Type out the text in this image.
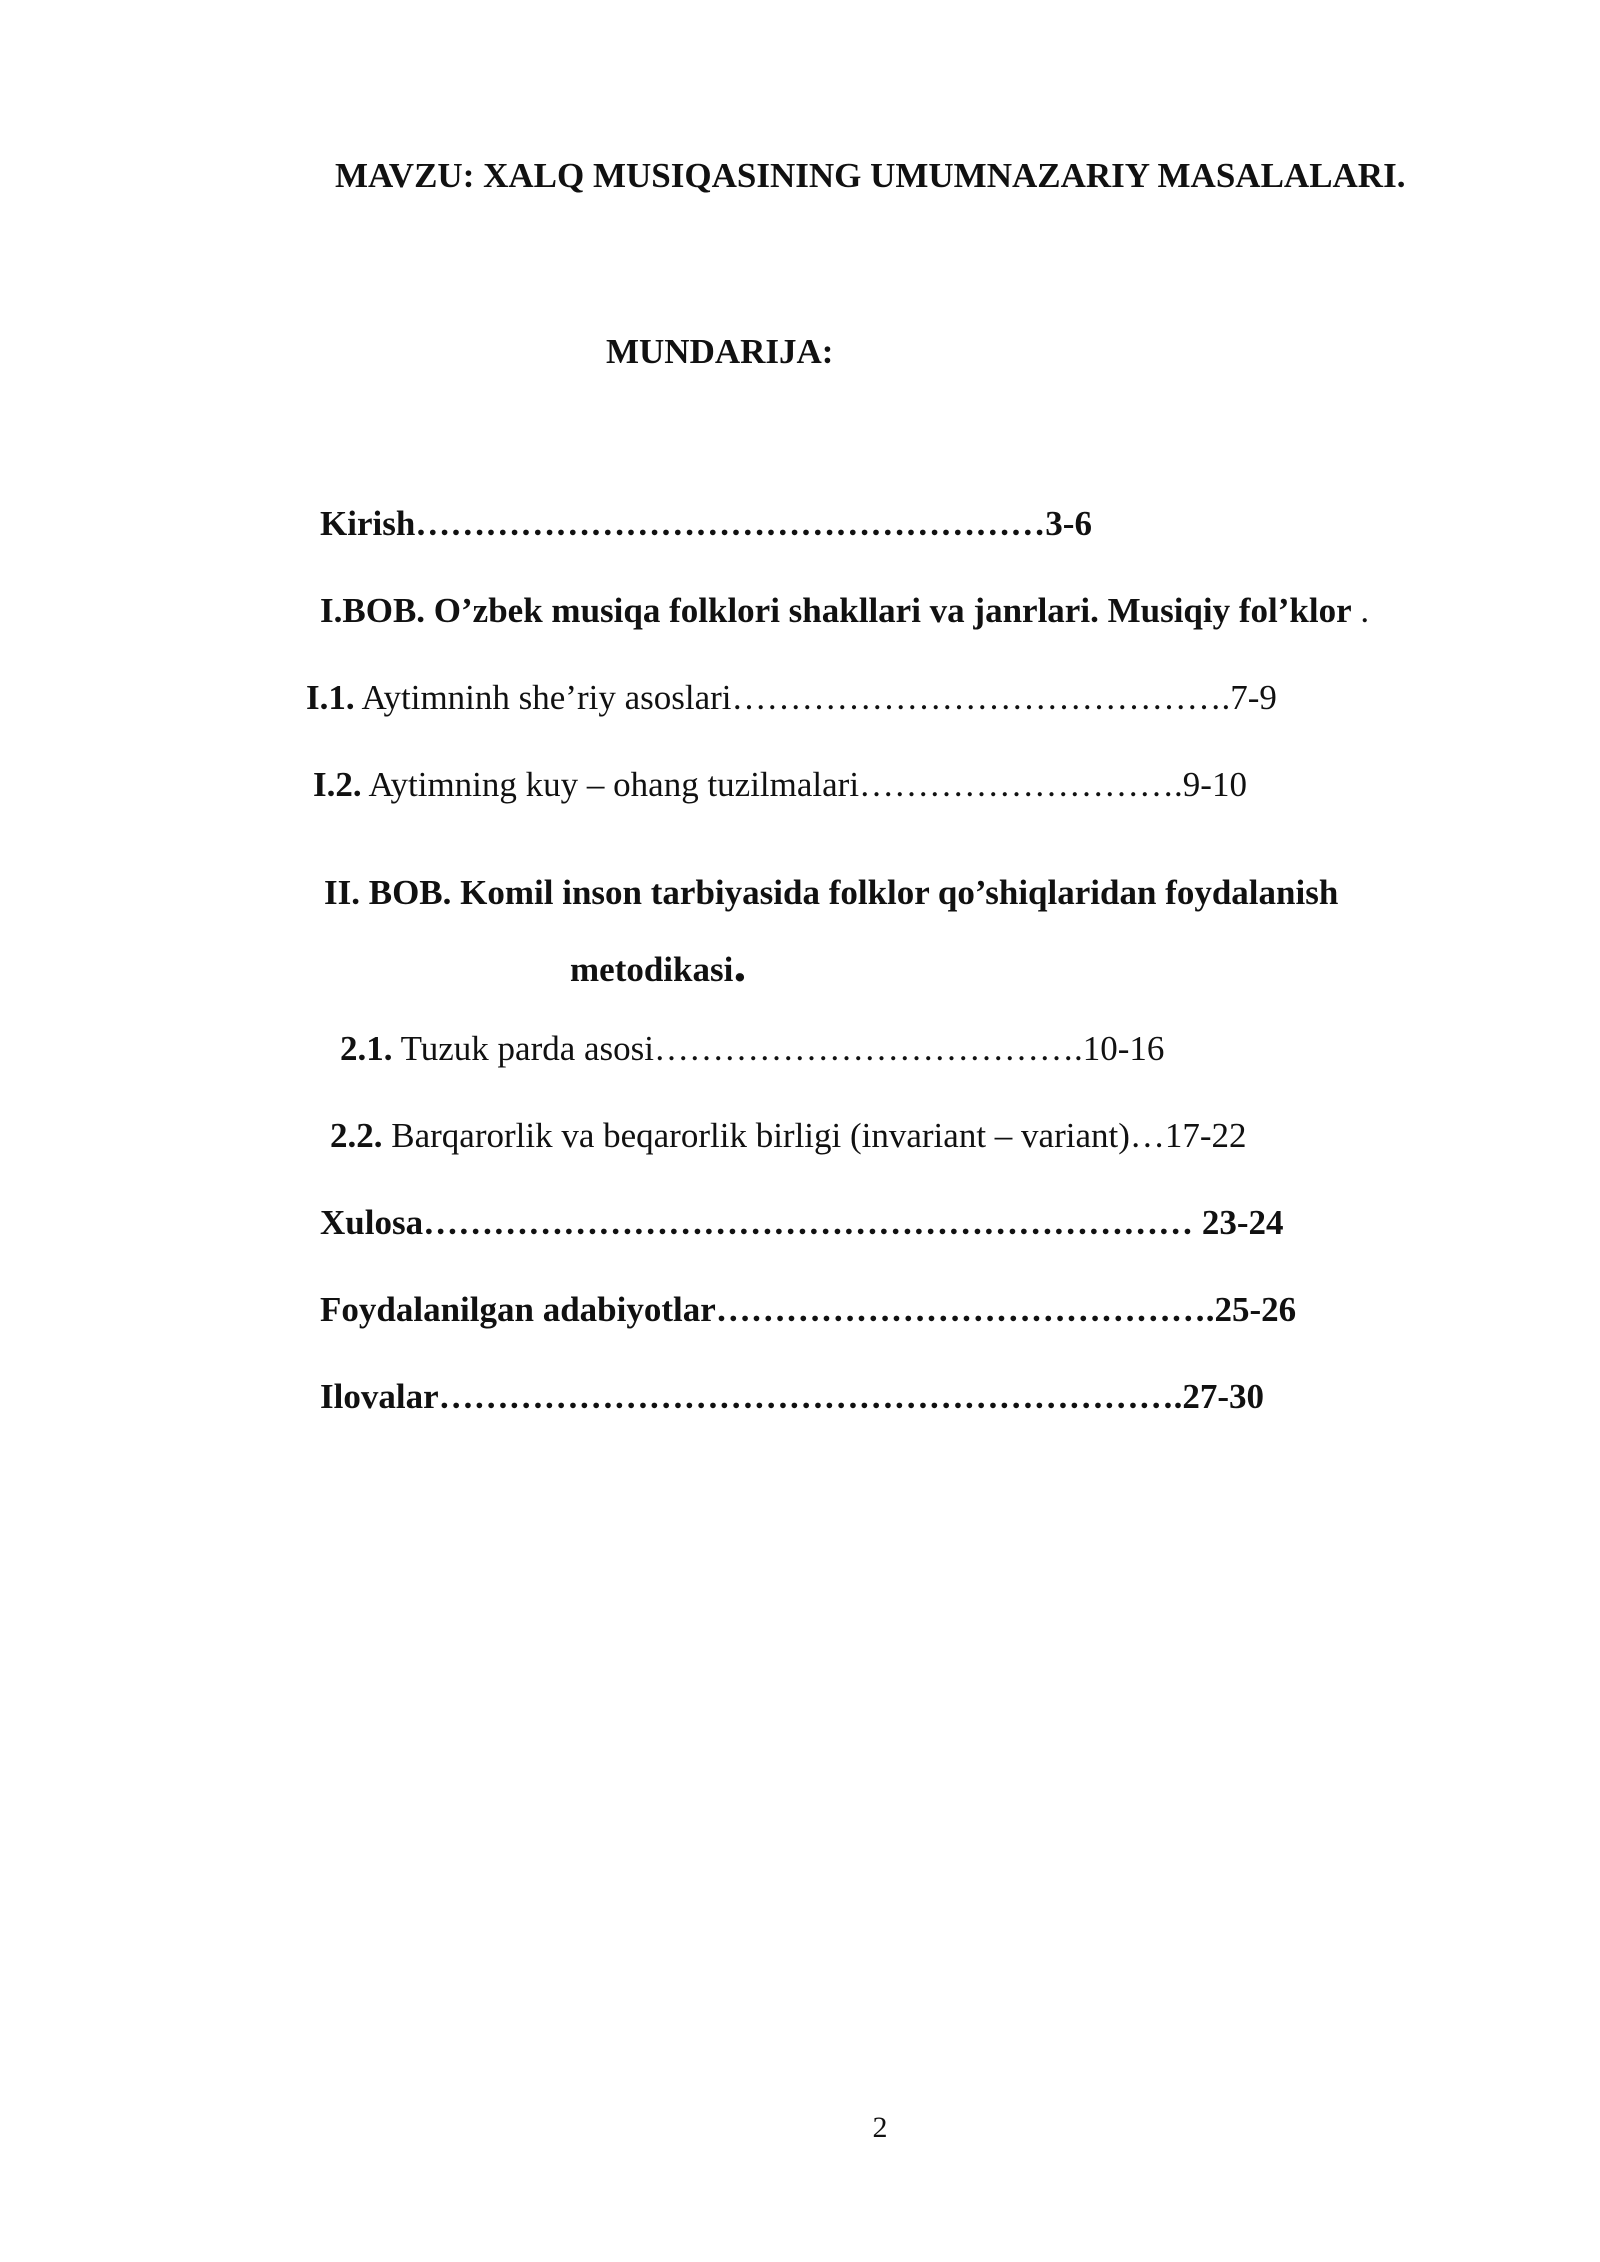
MAVZU: XALQ MUSIQASINING UMUMNAZARIY MASALALARI.
MUNDARIJA:
Kirish………………………………………………3-6
I.BOB. O’zbek musiqa folklori shakllari va janrlari. Musiqiy fol’klor .
I.1. Aytimninh she’riy asoslari…………………………………….7-9
I.2. Aytimning kuy – ohang tuzilmalari……………………….9-10
II. BOB. Komil inson tarbiyasida folklor qo’shiqlaridan foydalanish
metodikasi.
2.1. Tuzuk parda asosi……………………………….10-16
2.2. Barqarorlik va beqarorlik birligi (invariant – variant)…17-22
Xulosa………………………………………………………… 23-24
Foydalanilgan adabiyotlar…………………………………….25-26
Ilovalar……………………………………………………….27-30
2
